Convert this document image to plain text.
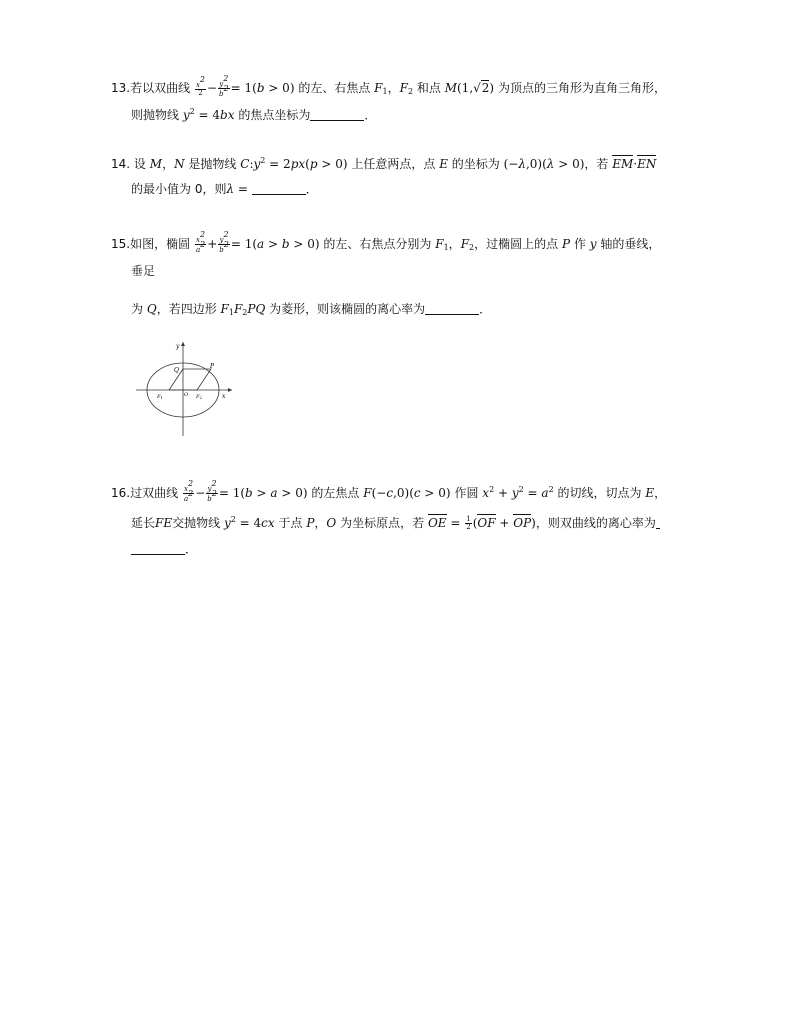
13.若以双曲线 $\frac{x^2}{2} - \frac{y^2}{b^2} = 1(b > 0)$ 的左、右焦点 $F_1$，$F_2$ 和点 M(1,√2) 为顶点的三角形为直角三角形，
则抛物线 $y^2 = 4bx$ 的焦点坐标为	．
14. 设 M，N 是抛物线 $C:y^2 = 2px(p > 0)$ 上任意两点，点 E 的坐标为 (−λ,0)(λ > 0)，若 EM·EN
的最小值为 0，则λ =	．
15.如图，椭圆 $\frac{x^2}{a^2} + \frac{y^2}{b^2} = 1(a > b > 0)$ 的左、右焦点分别为 $F_1$，$F_2$，过椭圆上的点 P 作 y 轴的垂线，
垂足
为 Q，若四边形 $F_1F_2PQ$ 为菱形，则该椭圆的离心率为	．
y
x
Q
P
O
$F_1$	$F_2$
16.过双曲线 $\frac{x^2}{a^2} - \frac{y^2}{b^2} = 1(b > a > 0)$ 的左焦点 F(−c,0)(c > 0) 作圆 $x^2 + y^2 = a^2$ 的切线，切点为 E，
延长FE交抛物线 $y^2 = 4cx$ 于点 P，O 为坐标原点，若 OE = $\frac{1}{2} (OF + OP)$，则双曲线的离心率为
．
